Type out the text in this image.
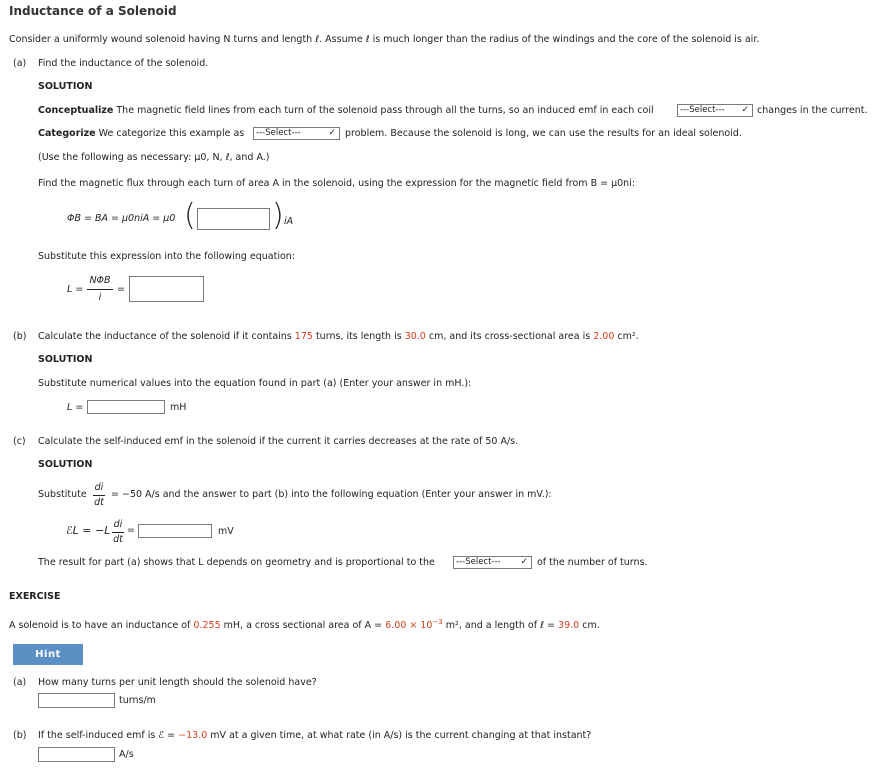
Inductance of a Solenoid
Consider a uniformly wound solenoid having N turns and length ℓ. Assume ℓ is much longer than the radius of the windings and the core of the solenoid is air.
(a) Find the inductance of the solenoid.
SOLUTION
Conceptualize The magnetic field lines from each turn of the solenoid pass through all the turns, so an induced emf in each coil	---Select--- ✓ changes in the current.
Categorize We categorize this example as	---Select---	✓ problem. Because the solenoid is long, we can use the results for an ideal solenoid.
(Use the following as necessary: μ0, N, ℓ, and A.)
Find the magnetic flux through each turn of area A in the solenoid, using the expression for the magnetic field from B = μ0ni:
ΦB = BA = μ0niA = μ0 (	) iA
Substitute this expression into the following equation:
L =
NΦB
i
=
(b) Calculate the inductance of the solenoid if it contains 175 turns, its length is 30.0 cm, and its cross-sectional area is 2.00 cm².
SOLUTION
Substitute numerical values into the equation found in part (a) (Enter your answer in mH.):
L =	mH
(c) Calculate the self-induced emf in the solenoid if the current it carries decreases at the rate of 50 A/s.
SOLUTION
Substitute
di
dt
= −50 A/s and the answer to part (b) into the following equation (Enter your answer in mV.):
ℰL = −L di
dt
=	mV
The result for part (a) shows that L depends on geometry and is proportional to the	---Select--- ✓ of the number of turns.
EXERCISE
A solenoid is to have an inductance of 0.255 mH, a cross sectional area of $A = 6.00 \times 10^{-3}$ m², and a length of ℓ = 39.0 cm.
Hint
(a) How many turns per unit length should the solenoid have?
turns/m
(b) If the self-induced emf is ℰ = −13.0 mV at a given time, at what rate (in A/s) is the current changing at that instant?
A/s
